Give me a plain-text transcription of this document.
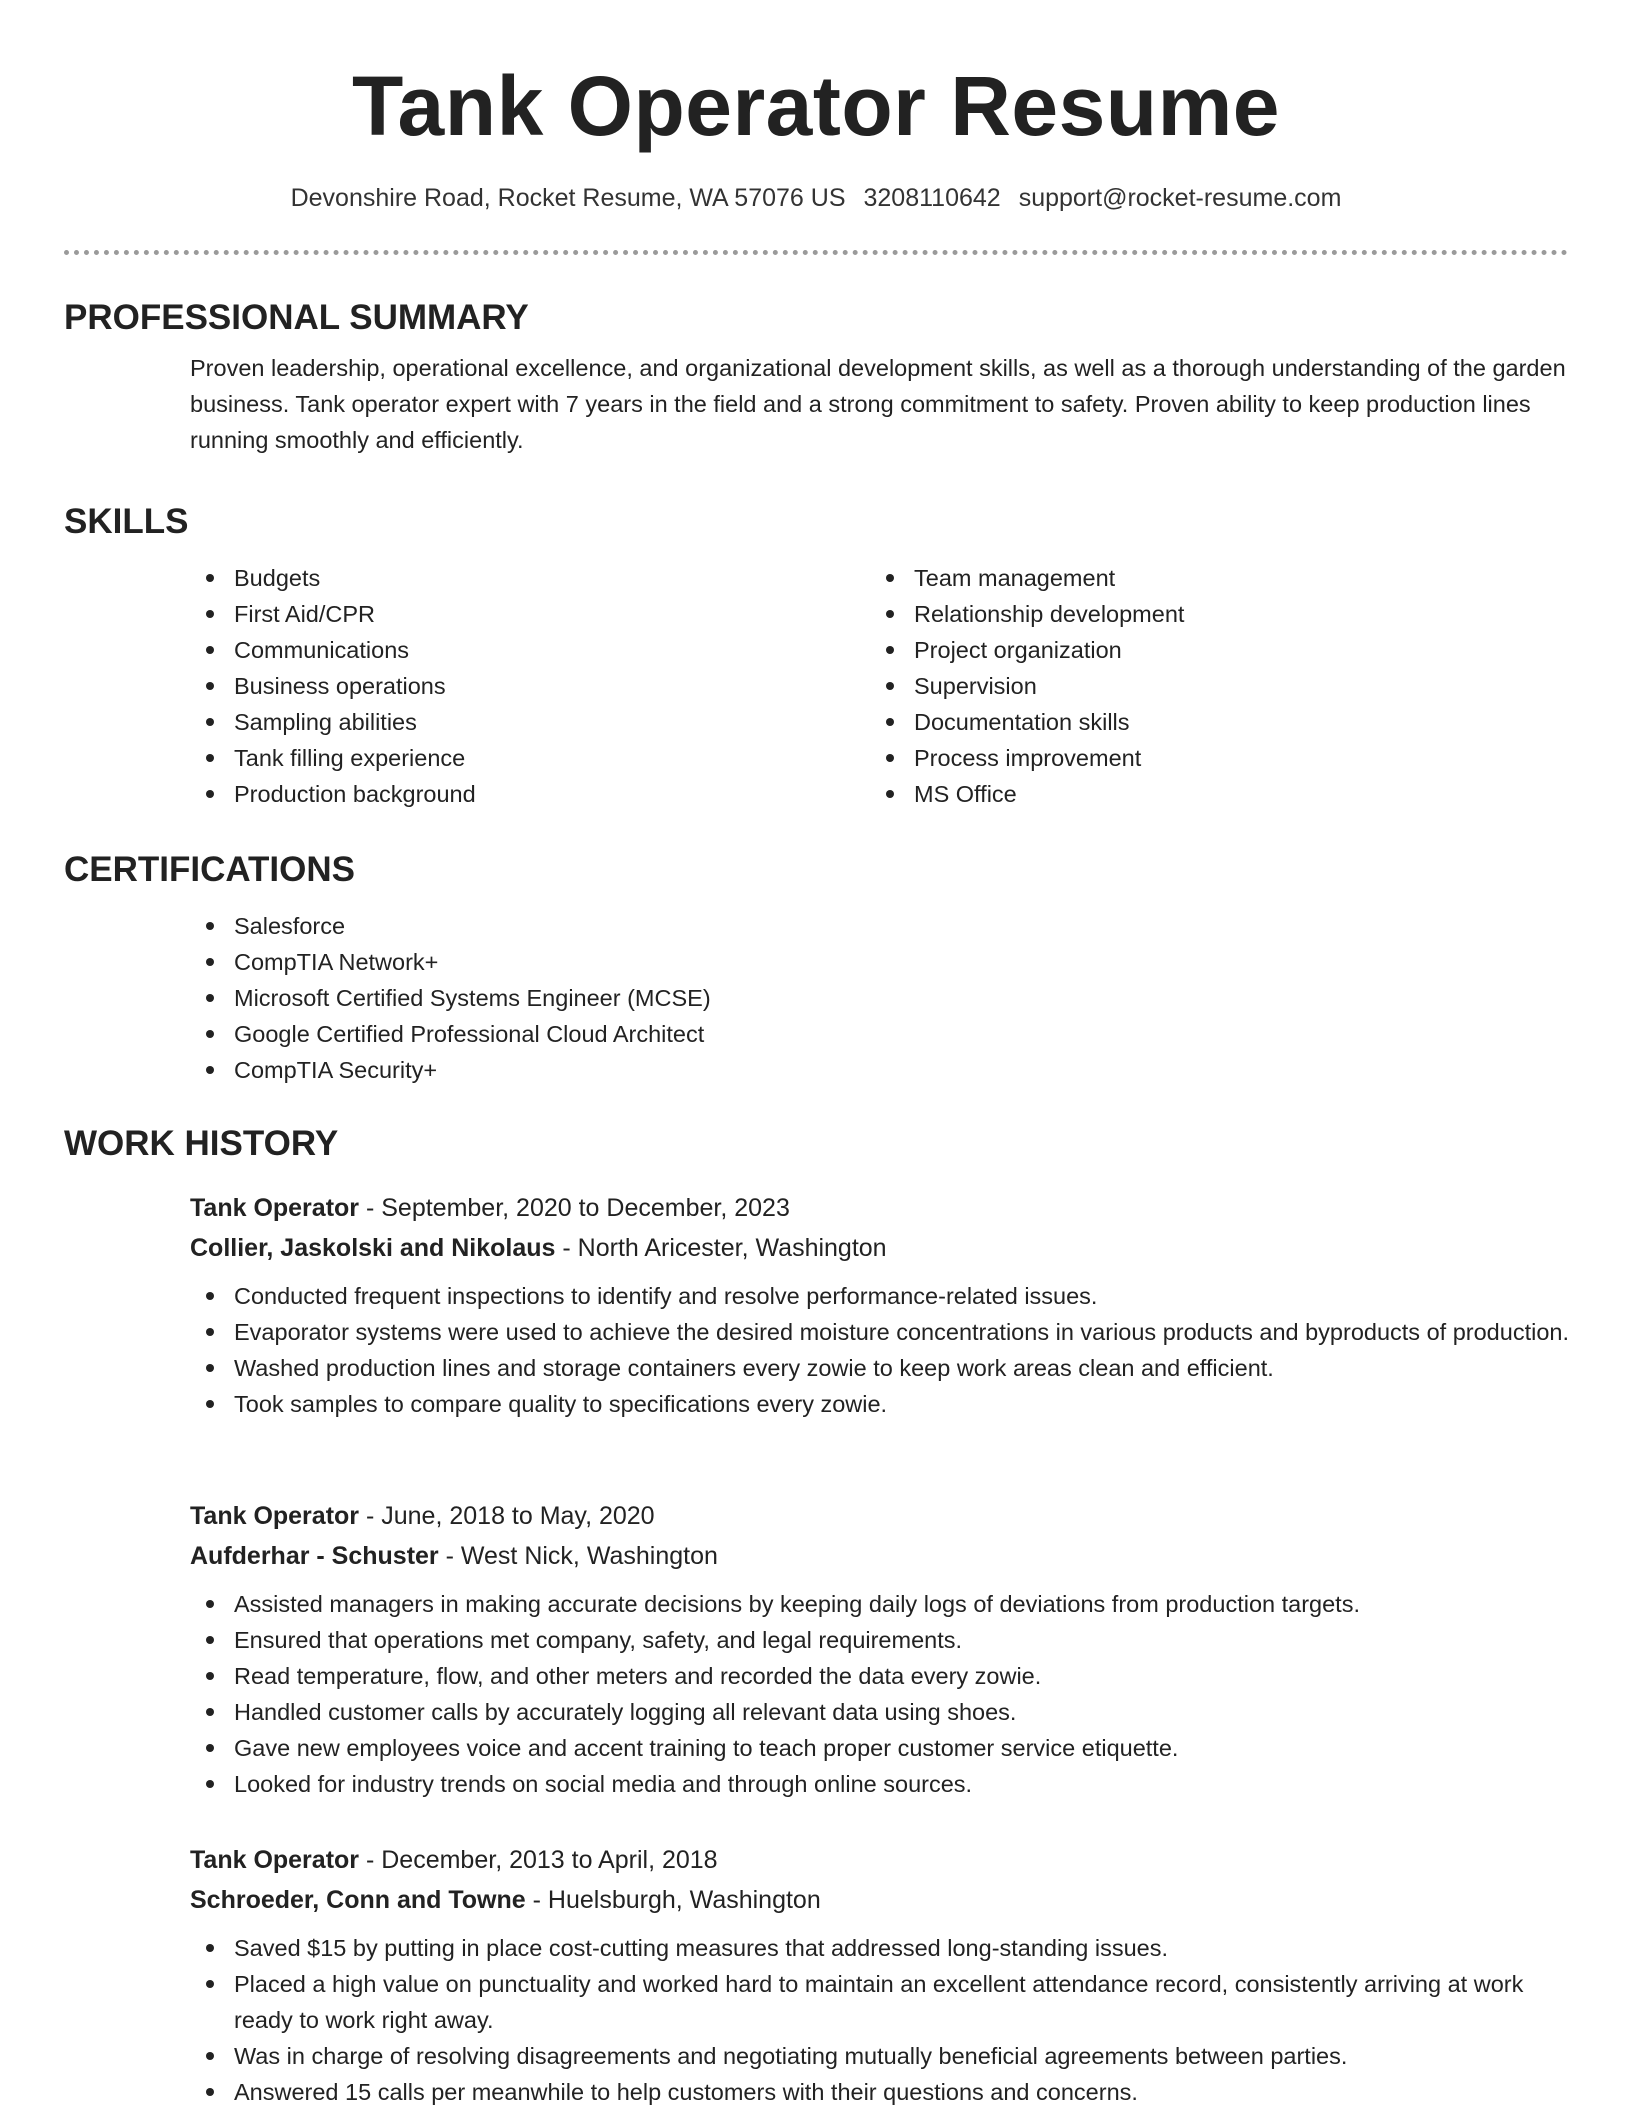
Tank Operator Resume
Devonshire Road, Rocket Resume, WA 57076 US 3208110642 support@rocket-resume.com
PROFESSIONAL SUMMARY
Proven leadership, operational excellence, and organizational development skills, as well as a thorough understanding of the garden business. Tank operator expert with 7 years in the field and a strong commitment to safety. Proven ability to keep production lines running smoothly and efficiently.
SKILLS
Budgets
First Aid/CPR
Communications
Business operations
Sampling abilities
Tank filling experience
Production background
Team management
Relationship development
Project organization
Supervision
Documentation skills
Process improvement
MS Office
CERTIFICATIONS
Salesforce
CompTIA Network+
Microsoft Certified Systems Engineer (MCSE)
Google Certified Professional Cloud Architect
CompTIA Security+
WORK HISTORY
Tank Operator - September, 2020 to December, 2023
Collier, Jaskolski and Nikolaus - North Aricester, Washington
Conducted frequent inspections to identify and resolve performance-related issues.
Evaporator systems were used to achieve the desired moisture concentrations in various products and byproducts of production.
Washed production lines and storage containers every zowie to keep work areas clean and efficient.
Took samples to compare quality to specifications every zowie.
Tank Operator - June, 2018 to May, 2020
Aufderhar - Schuster - West Nick, Washington
Assisted managers in making accurate decisions by keeping daily logs of deviations from production targets.
Ensured that operations met company, safety, and legal requirements.
Read temperature, flow, and other meters and recorded the data every zowie.
Handled customer calls by accurately logging all relevant data using shoes.
Gave new employees voice and accent training to teach proper customer service etiquette.
Looked for industry trends on social media and through online sources.
Tank Operator - December, 2013 to April, 2018
Schroeder, Conn and Towne - Huelsburgh, Washington
Saved $15 by putting in place cost-cutting measures that addressed long-standing issues.
Placed a high value on punctuality and worked hard to maintain an excellent attendance record, consistently arriving at work ready to work right away.
Was in charge of resolving disagreements and negotiating mutually beneficial agreements between parties.
Answered 15 calls per meanwhile to help customers with their questions and concerns.
